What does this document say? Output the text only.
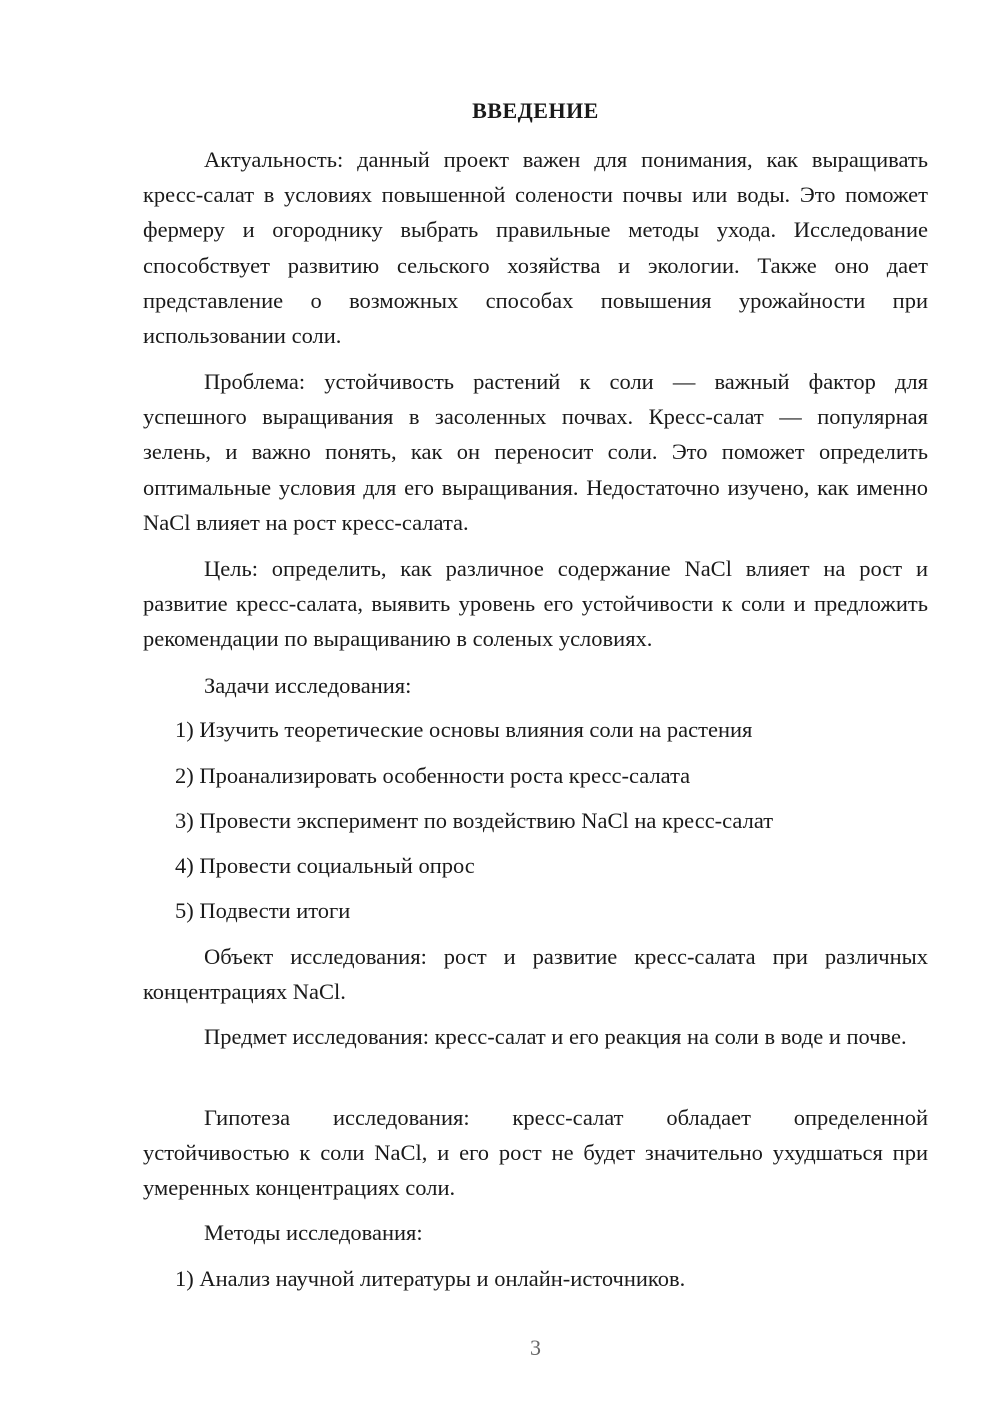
ВВЕДЕНИЕ

Актуальность: данный проект важен для понимания, как выращивать кресс-салат в условиях повышенной солености почвы или воды. Это поможет фермеру и огороднику выбрать правильные методы ухода. Исследование способствует развитию сельского хозяйства и экологии. Также оно дает представление о возможных способах повышения урожайности при использовании соли.

Проблема: устойчивость растений к соли — важный фактор для успешного выращивания в засоленных почвах. Кресс-салат — популярная зелень, и важно понять, как он переносит соли. Это поможет определить оптимальные условия для его выращивания. Недостаточно изучено, как именно NaCl влияет на рост кресс-салата.

Цель: определить, как различное содержание NaCl влияет на рост и развитие кресс-салата, выявить уровень его устойчивости к соли и предложить рекомендации по выращиванию в соленых условиях.

Задачи исследования:

1) Изучить теоретические основы влияния соли на растения

2) Проанализировать особенности роста кресс-салата

3) Провести эксперимент по воздействию NaCl на кресс-салат

4) Провести социальный опрос

5) Подвести итоги

Объект исследования: рост и развитие кресс-салата при различных концентрациях NaCl.

Предмет исследования: кресс-салат и его реакция на соли в воде и почве.

Гипотеза исследования: кресс-салат обладает определенной устойчивостью к соли NaCl, и его рост не будет значительно ухудшаться при умеренных концентрациях соли.

Методы исследования:

1) Анализ научной литературы и онлайн-источников.

3
